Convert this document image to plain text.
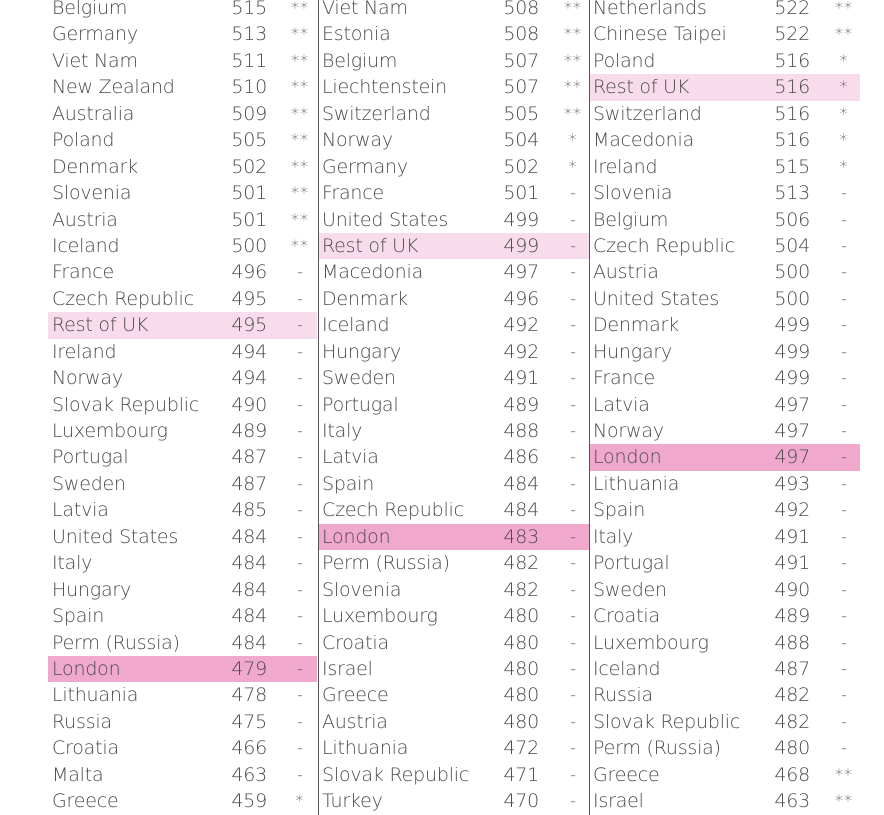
Belgium	515 **
Germany	513 **
Viet Nam	511 **
New Zealand	510 **
Australia	509 **
Poland	505 **
Denmark	502 **
Slovenia	501 **
Austria	501 **
Iceland	500 **
France	496	-
Czech Republic	495	-
Rest of UK	495	-
Ireland	494	-
Norway	494	-
Slovak Republic	490	-
Luxembourg	489	-
Portugal	487	-
Sweden	487	-
Latvia	485	-
United States	484	-
Italy	484	-
Hungary	484	-
Spain	484	-
Perm (Russia)	484	-
London	479	-
Lithuania	478	-
Russia	475	-
Croatia	466	-
Malta	463	-
Greece	459	*
Viet Nam	508 **
Estonia	508 **
Belgium	507 **
Liechtenstein	507 **
Switzerland	505 **
Norway	504	*
Germany	502	*
France	501	-
United States	499	-
Rest of UK	499	-
Macedonia	497	-
Denmark	496	-
Iceland	492	-
Hungary	492	-
Sweden	491	-
Portugal	489	-
Italy	488	-
Latvia	486	-
Spain	484	-
Czech Republic	484	-
London	483	-
Perm (Russia)	482	-
Slovenia	482	-
Luxembourg	480	-
Croatia	480	-
Israel	480	-
Greece	480	-
Austria	480	-
Lithuania	472	-
Slovak Republic	471	-
Turkey	470	-
Netherlands	522 **
Chinese Taipei	522 **
Poland	516	*
Rest of UK	516	*
Switzerland	516	*
Macedonia	516	*
Ireland	515	*
Slovenia	513	-
Belgium	506	-
Czech Republic	504	-
Austria	500	-
United States	500	-
Denmark	499	-
Hungary	499	-
France	499	-
Latvia	497	-
Norway	497	-
London	497	-
Lithuania	493	-
Spain	492	-
Italy	491	-
Portugal	491	-
Sweden	490	-
Croatia	489	-
Luxembourg	488	-
Iceland	487	-
Russia	482	-
Slovak Republic	482	-
Perm (Russia)	480	-
Greece	468 **
Israel	463 **
